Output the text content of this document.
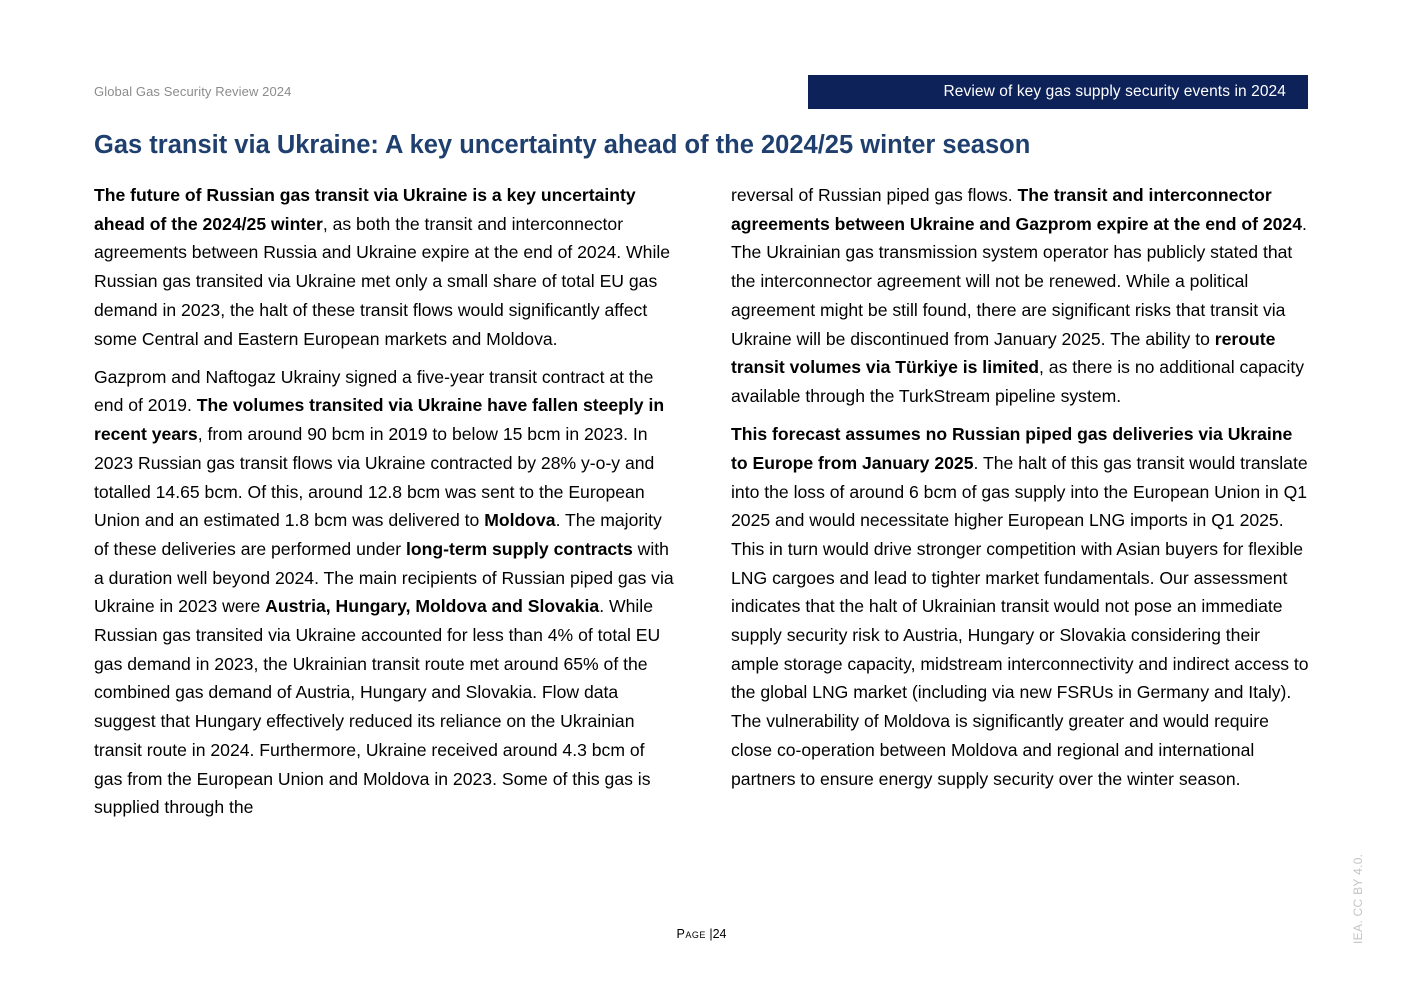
Global Gas Security Review 2024	Review of key gas supply security events in 2024
Gas transit via Ukraine: A key uncertainty ahead of the 2024/25 winter season

The future of Russian gas transit via Ukraine is a key uncertainty ahead of the 2024/25 winter, as both the transit and interconnector agreements between Russia and Ukraine expire at the end of 2024. While Russian gas transited via Ukraine met only a small share of total EU gas demand in 2023, the halt of these transit flows would significantly affect some Central and Eastern European markets and Moldova.

Gazprom and Naftogaz Ukrainy signed a five-year transit contract at the end of 2019. The volumes transited via Ukraine have fallen steeply in recent years, from around 90 bcm in 2019 to below 15 bcm in 2023. In 2023 Russian gas transit flows via Ukraine contracted by 28% y-o-y and totalled 14.65 bcm. Of this, around 12.8 bcm was sent to the European Union and an estimated 1.8 bcm was delivered to Moldova. The majority of these deliveries are performed under long-term supply contracts with a duration well beyond 2024. The main recipients of Russian piped gas via Ukraine in 2023 were Austria, Hungary, Moldova and Slovakia. While Russian gas transited via Ukraine accounted for less than 4% of total EU gas demand in 2023, the Ukrainian transit route met around 65% of the combined gas demand of Austria, Hungary and Slovakia. Flow data suggest that Hungary effectively reduced its reliance on the Ukrainian transit route in 2024. Furthermore, Ukraine received around 4.3 bcm of gas from the European Union and Moldova in 2023. Some of this gas is supplied through the

reversal of Russian piped gas flows. The transit and interconnector agreements between Ukraine and Gazprom expire at the end of 2024. The Ukrainian gas transmission system operator has publicly stated that the interconnector agreement will not be renewed. While a political agreement might be still found, there are significant risks that transit via Ukraine will be discontinued from January 2025. The ability to reroute transit volumes via Türkiye is limited, as there is no additional capacity available through the TurkStream pipeline system.

This forecast assumes no Russian piped gas deliveries via Ukraine to Europe from January 2025. The halt of this gas transit would translate into the loss of around 6 bcm of gas supply into the European Union in Q1 2025 and would necessitate higher European LNG imports in Q1 2025. This in turn would drive stronger competition with Asian buyers for flexible LNG cargoes and lead to tighter market fundamentals. Our assessment indicates that the halt of Ukrainian transit would not pose an immediate supply security risk to Austria, Hungary or Slovakia considering their ample storage capacity, midstream interconnectivity and indirect access to the global LNG market (including via new FSRUs in Germany and Italy). The vulnerability of Moldova is significantly greater and would require close co-operation between Moldova and regional and international partners to ensure energy supply security over the winter season.

Page |24	IEA. CC BY 4.0.
